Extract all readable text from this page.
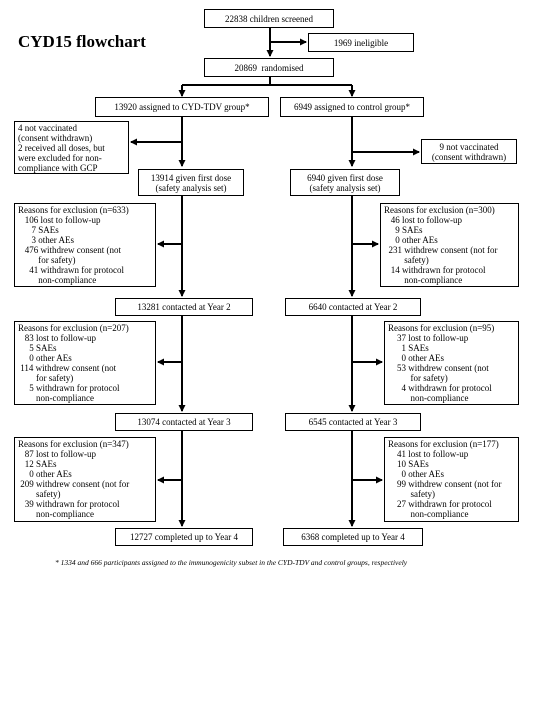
CYD15 flowchart
22838 children screened
1969 ineligible
20869  randomised
13920 assigned to CYD-TDV group*	6949 assigned to control group*
4 not vaccinated
(consent withdrawn)
2 received all doses, but
were excluded for non-
compliance with GCP
9 not vaccinated
(consent withdrawn)
13914 given first dose
(safety analysis set)
6940 given first dose
(safety analysis set)
Reasons for exclusion (n=633)
106 lost to follow-up
7 SAEs
3 other AEs
476 withdrew consent (not
for safety)
41 withdrawn for protocol
non-compliance
Reasons for exclusion (n=300)
46 lost to follow-up
9 SAEs
0 other AEs
231 withdrew consent (not for
safety)
14 withdrawn for protocol
non-compliance
13281 contacted at Year 2	6640 contacted at Year 2
Reasons for exclusion (n=207)
83 lost to follow-up
5 SAEs
0 other AEs
114 withdrew consent (not
for safety)
5 withdrawn for protocol
non-compliance
Reasons for exclusion (n=95)
37 lost to follow-up
1 SAEs
0 other AEs
53 withdrew consent (not
for safety)
4 withdrawn for protocol
non-compliance
13074 contacted at Year 3	6545 contacted at Year 3
Reasons for exclusion (n=347)
87 lost to follow-up
12 SAEs
0 other AEs
209 withdrew consent (not for
safety)
39 withdrawn for protocol
non-compliance
Reasons for exclusion (n=177)
41 lost to follow-up
10 SAEs
0 other AEs
99 withdrew consent (not for
safety)
27 withdrawn for protocol
non-compliance
12727 completed up to Year 4	6368 completed up to Year 4
* 1334 and 666 participants assigned to the immunogenicity subset in the CYD-TDV and control groups, respectively
